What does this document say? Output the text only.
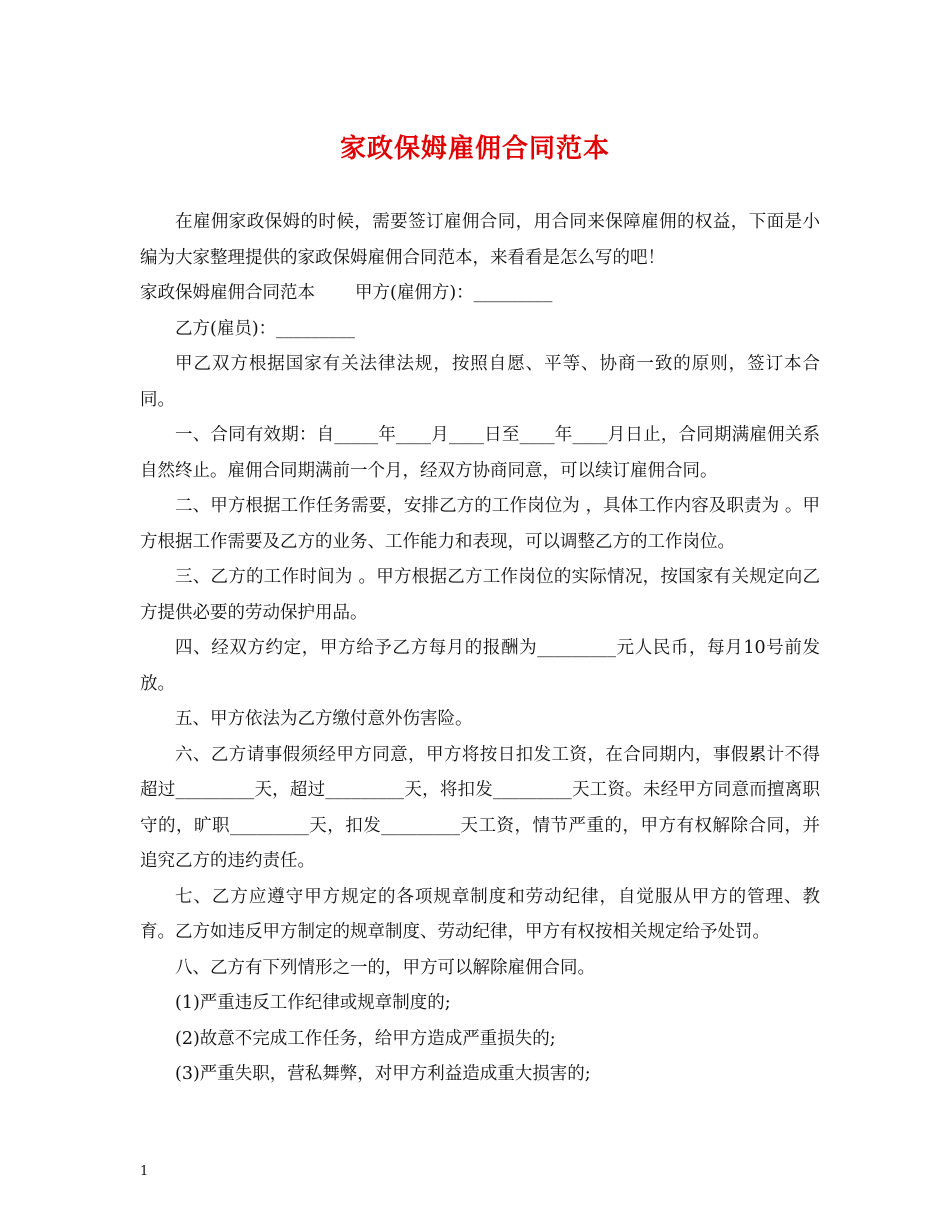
家政保姆雇佣合同范本

在雇佣家政保姆的时候，需要签订雇佣合同，用合同来保障雇佣的权益，下面是小编为大家整理提供的家政保姆雇佣合同范本，来看看是怎么写的吧！

家政保姆雇佣合同范本 甲方(雇佣方)：_________

乙方(雇员)：_________

甲乙双方根据国家有关法律法规，按照自愿、平等、协商一致的原则，签订本合同。

一、合同有效期：自_____年____月____日至____年____月日止，合同期满雇佣关系自然终止。雇佣合同期满前一个月，经双方协商同意，可以续订雇佣合同。

二、甲方根据工作任务需要，安排乙方的工作岗位为 ，具体工作内容及职责为 。甲方根据工作需要及乙方的业务、工作能力和表现，可以调整乙方的工作岗位。

三、乙方的工作时间为 。甲方根据乙方工作岗位的实际情况，按国家有关规定向乙方提供必要的劳动保护用品。

四、经双方约定，甲方给予乙方每月的报酬为_________元人民币，每月10号前发放。

五、甲方依法为乙方缴付意外伤害险。

六、乙方请事假须经甲方同意，甲方将按日扣发工资，在合同期内，事假累计不得超过_________天，超过_________天，将扣发_________天工资。未经甲方同意而擅离职守的，旷职_________天，扣发_________天工资，情节严重的，甲方有权解除合同，并追究乙方的违约责任。

七、乙方应遵守甲方规定的各项规章制度和劳动纪律，自觉服从甲方的管理、教育。乙方如违反甲方制定的规章制度、劳动纪律，甲方有权按相关规定给予处罚。

八、乙方有下列情形之一的，甲方可以解除雇佣合同。

(1)严重违反工作纪律或规章制度的;

(2)故意不完成工作任务，给甲方造成严重损失的;

(3)严重失职，营私舞弊，对甲方利益造成重大损害的;

1
